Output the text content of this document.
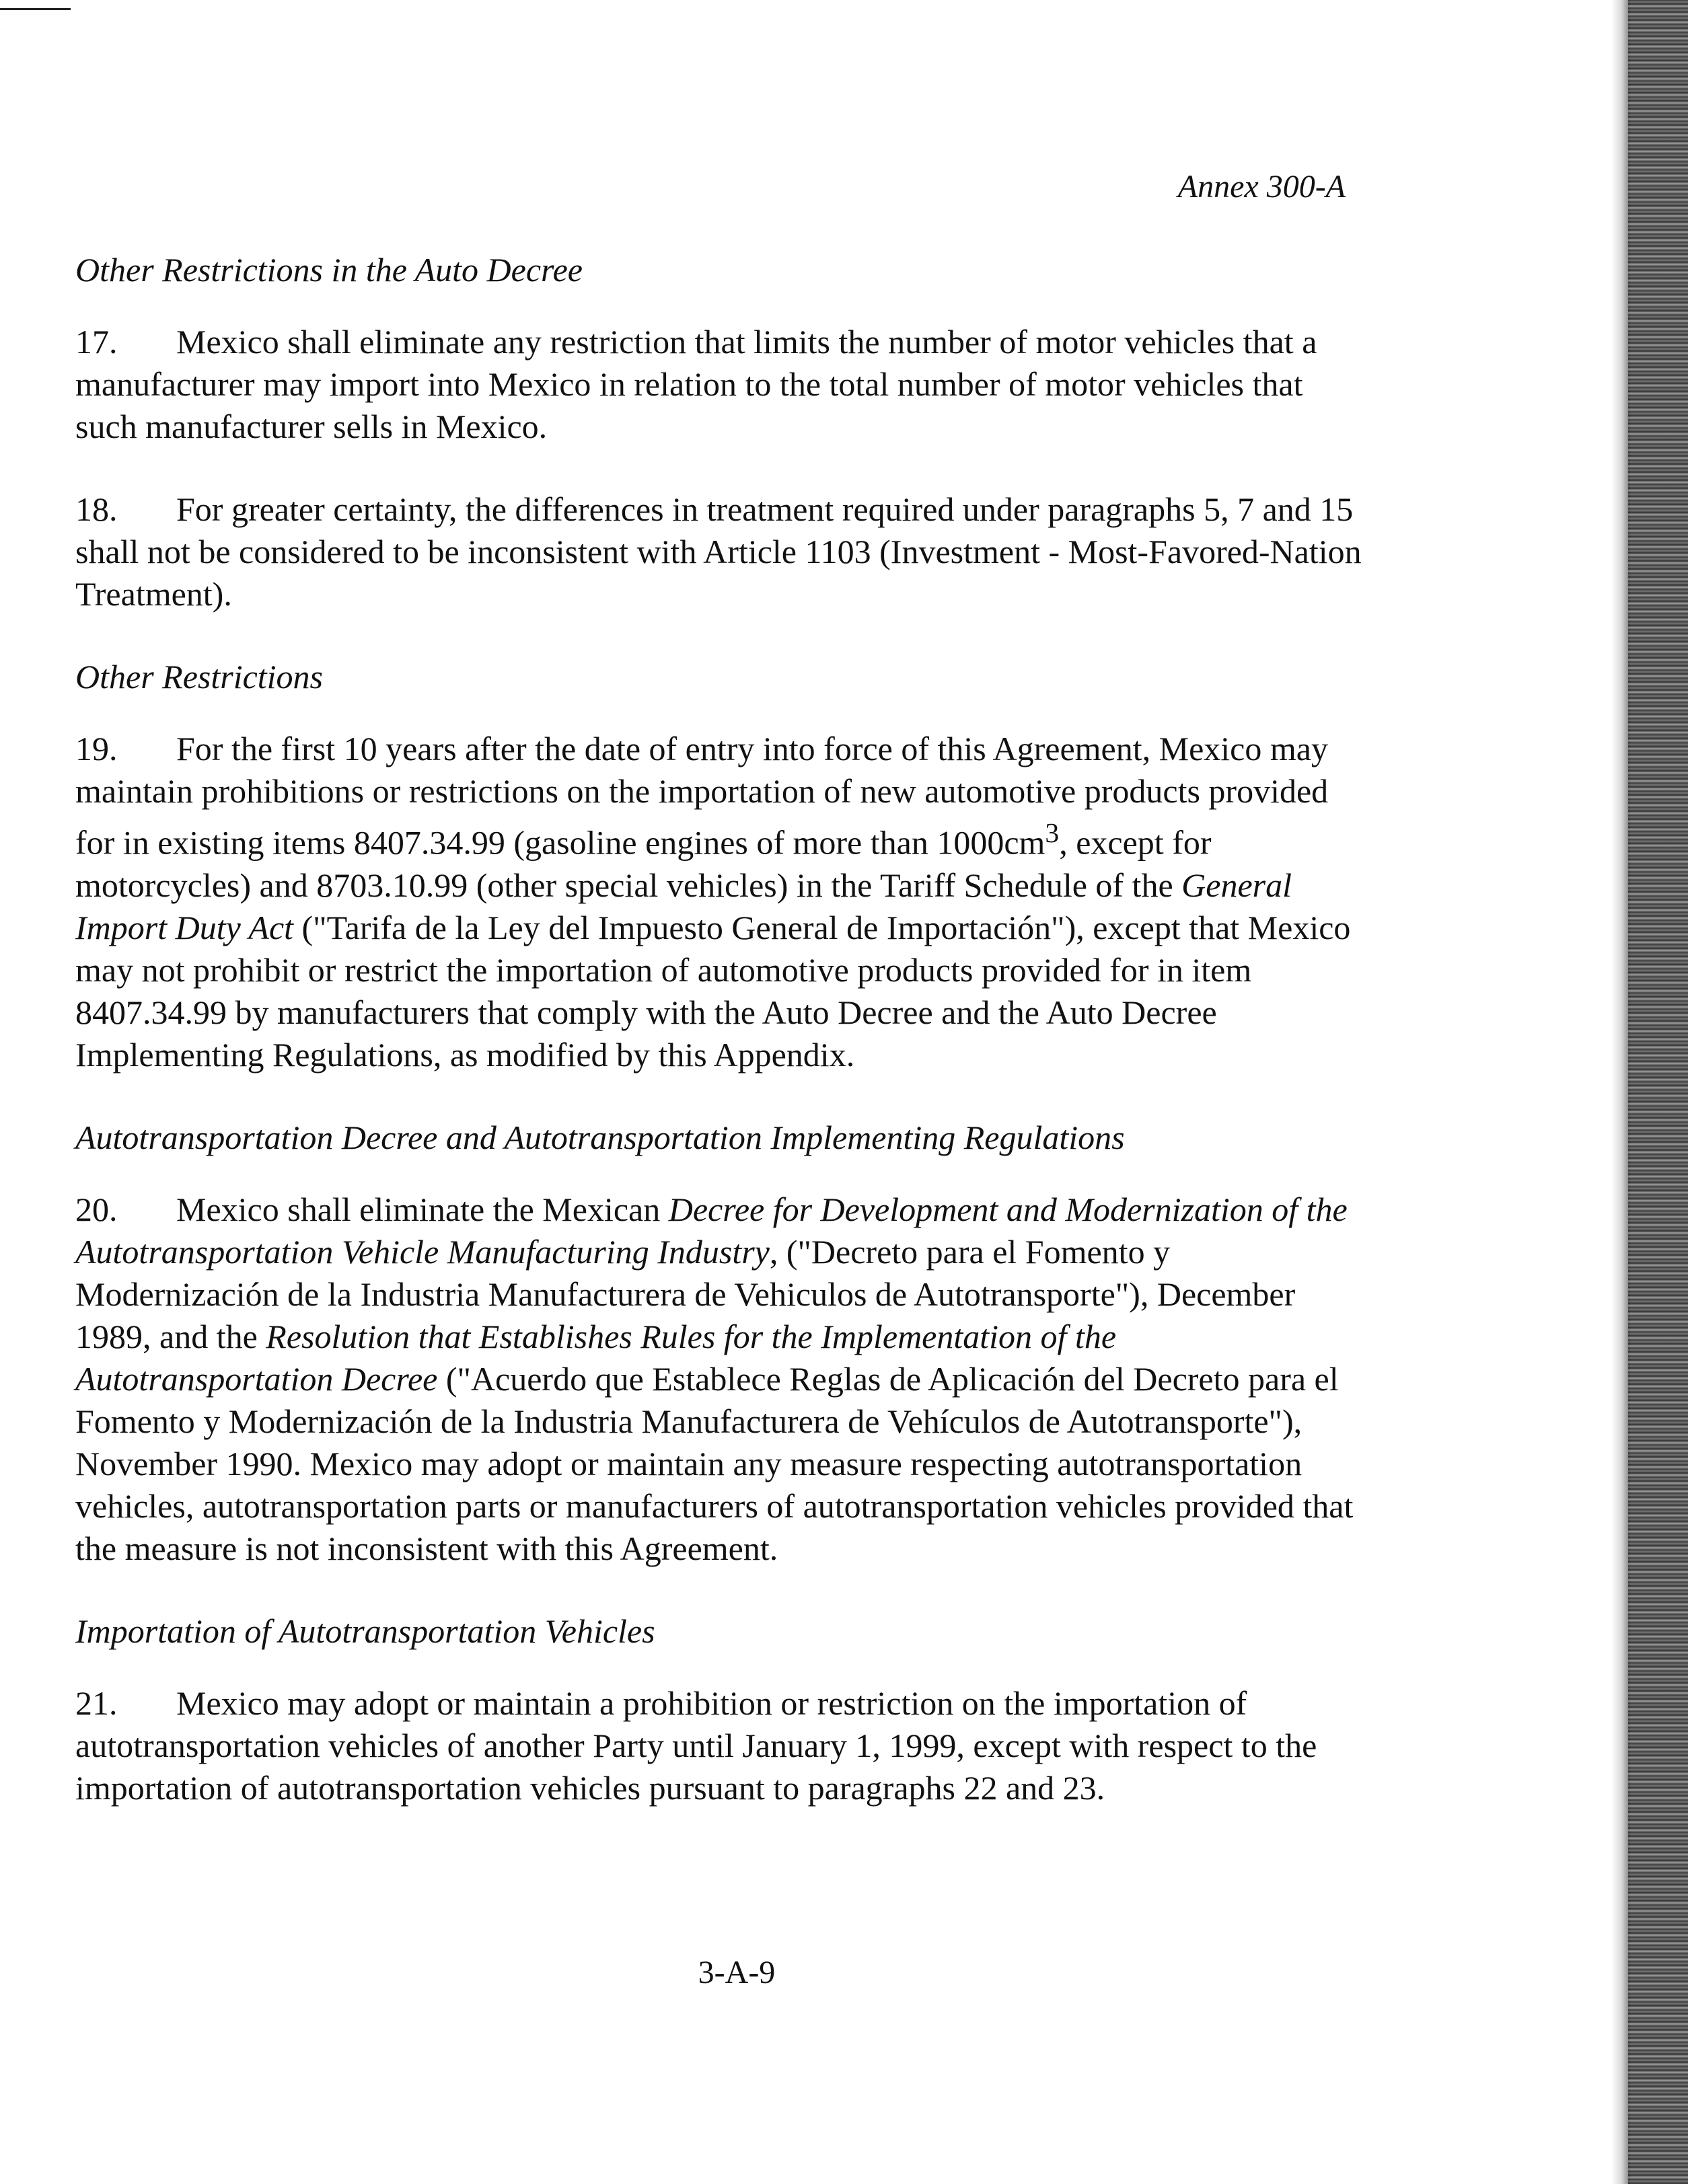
Annex 300-A
Other Restrictions in the Auto Decree
17. Mexico shall eliminate any restriction that limits the number of motor vehicles that a manufacturer may import into Mexico in relation to the total number of motor vehicles that such manufacturer sells in Mexico.
18. For greater certainty, the differences in treatment required under paragraphs 5, 7 and 15 shall not be considered to be inconsistent with Article 1103 (Investment - Most-Favored-Nation Treatment).
Other Restrictions
19. For the first 10 years after the date of entry into force of this Agreement, Mexico may maintain prohibitions or restrictions on the importation of new automotive products provided for in existing items 8407.34.99 (gasoline engines of more than $1000cm^3$, except for motorcycles) and 8703.10.99 (other special vehicles) in the Tariff Schedule of the General Import Duty Act ("Tarifa de la Ley del Impuesto General de Importación"), except that Mexico may not prohibit or restrict the importation of automotive products provided for in item 8407.34.99 by manufacturers that comply with the Auto Decree and the Auto Decree Implementing Regulations, as modified by this Appendix.
Autotransportation Decree and Autotransportation Implementing Regulations
20. Mexico shall eliminate the Mexican Decree for Development and Modernization of the Autotransportation Vehicle Manufacturing Industry, ("Decreto para el Fomento y Modernización de la Industria Manufacturera de Vehiculos de Autotransporte"), December 1989, and the Resolution that Establishes Rules for the Implementation of the Autotransportation Decree ("Acuerdo que Establece Reglas de Aplicación del Decreto para el Fomento y Modernización de la Industria Manufacturera de Vehículos de Autotransporte"), November 1990. Mexico may adopt or maintain any measure respecting autotransportation vehicles, autotransportation parts or manufacturers of autotransportation vehicles provided that the measure is not inconsistent with this Agreement.
Importation of Autotransportation Vehicles
21. Mexico may adopt or maintain a prohibition or restriction on the importation of autotransportation vehicles of another Party until January 1, 1999, except with respect to the importation of autotransportation vehicles pursuant to paragraphs 22 and 23.
3-A-9
